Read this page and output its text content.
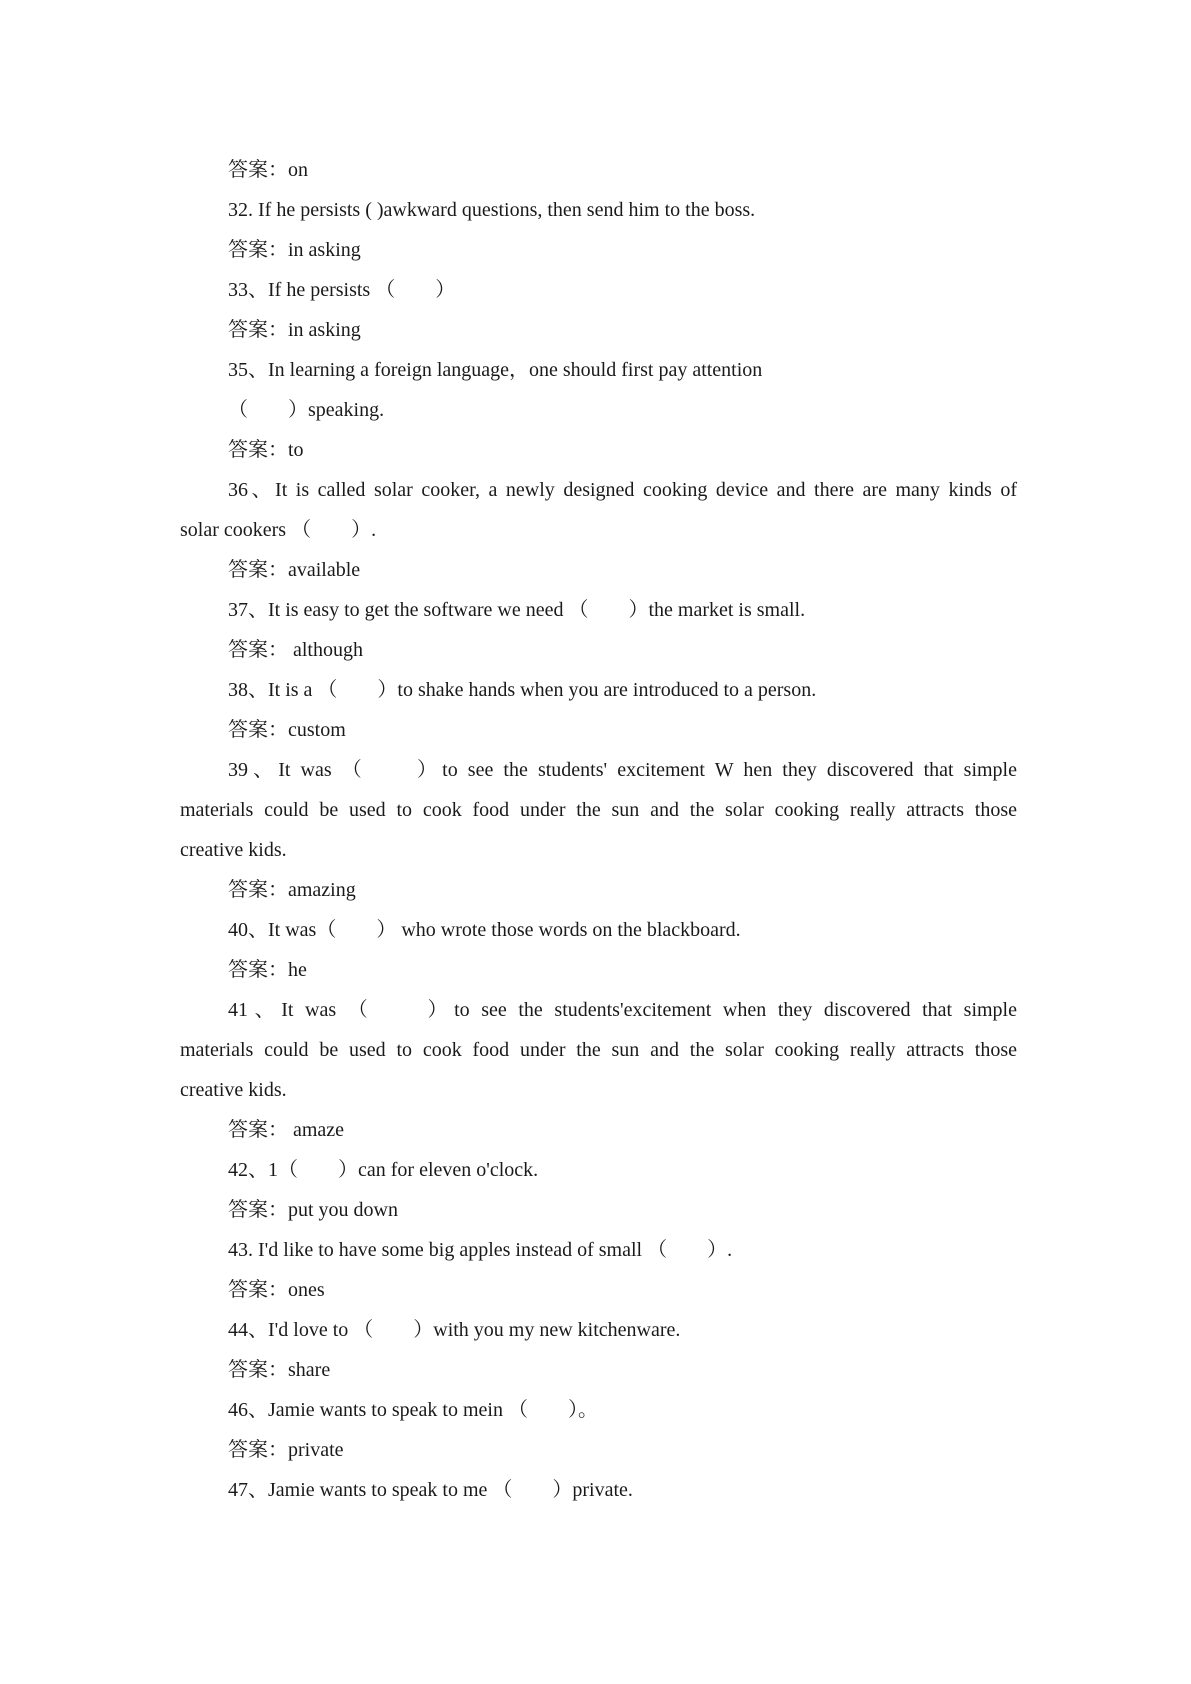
答案：on
32. If he persists ( )awkward questions, then send him to the boss.
答案：in asking
33、If he persists （　　）
答案：in asking
35、In learning a foreign language，one should first pay attention
（　　）speaking.
答案：to
36、It is called solar cooker, a newly designed cooking device and there are many kinds of
solar cookers （　　）.
答案：available
37、It is easy to get the software we need （　　）the market is small.
答案： although
38、It is a （　　）to shake hands when you are introduced to a person.
答案：custom
39、It was （　　）to see the students' excitement W hen they discovered that simple
materials could be used to cook food under the sun and the solar cooking really attracts those
creative kids.
答案：amazing
40、It was（　　） who wrote those words on the blackboard.
答案：he
41、It was （　　）to see the students'excitement when they discovered that simple
materials could be used to cook food under the sun and the solar cooking really attracts those
creative kids.
答案： amaze
42、1（　　）can for eleven o'clock.
答案：put you down
43. I'd like to have some big apples instead of small （　　）.
答案：ones
44、I'd love to （　　）with you my new kitchenware.
答案：share
46、Jamie wants to speak to mein （　　）。
答案：private
47、Jamie wants to speak to me （　　）private.
